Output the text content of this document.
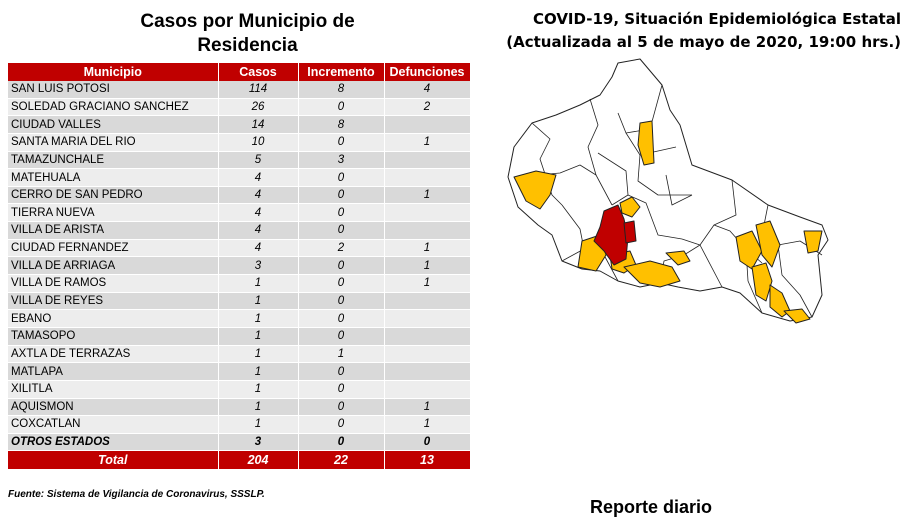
Casos por Municipio de
Residencia
COVID-19, Situación Epidemiológica Estatal
(Actualizada al 5 de mayo de 2020, 19:00 hrs.)
Municipio	Casos	Incremento	Defunciones
SAN LUIS POTOSI	114	8	4
SOLEDAD GRACIANO SANCHEZ	26	0	2
CIUDAD VALLES	14	8	
SANTA MARIA DEL RIO	10	0	1
TAMAZUNCHALE	5	3	
MATEHUALA	4	0	
CERRO DE SAN PEDRO	4	0	1
TIERRA NUEVA	4	0	
VILLA DE ARISTA	4	0	
CIUDAD FERNANDEZ	4	2	1
VILLA DE ARRIAGA	3	0	1
VILLA DE RAMOS	1	0	1
VILLA DE REYES	1	0	
EBANO	1	0	
TAMASOPO	1	0	
AXTLA DE TERRAZAS	1	1	
MATLAPA	1	0	
XILITLA	1	0	
AQUISMON	1	0	1
COXCATLAN	1	0	1
OTROS ESTADOS	3	0	0
Total	204	22	13
Fuente: Sistema de Vigilancia de Coronavirus, SSSLP.
Reporte diario
